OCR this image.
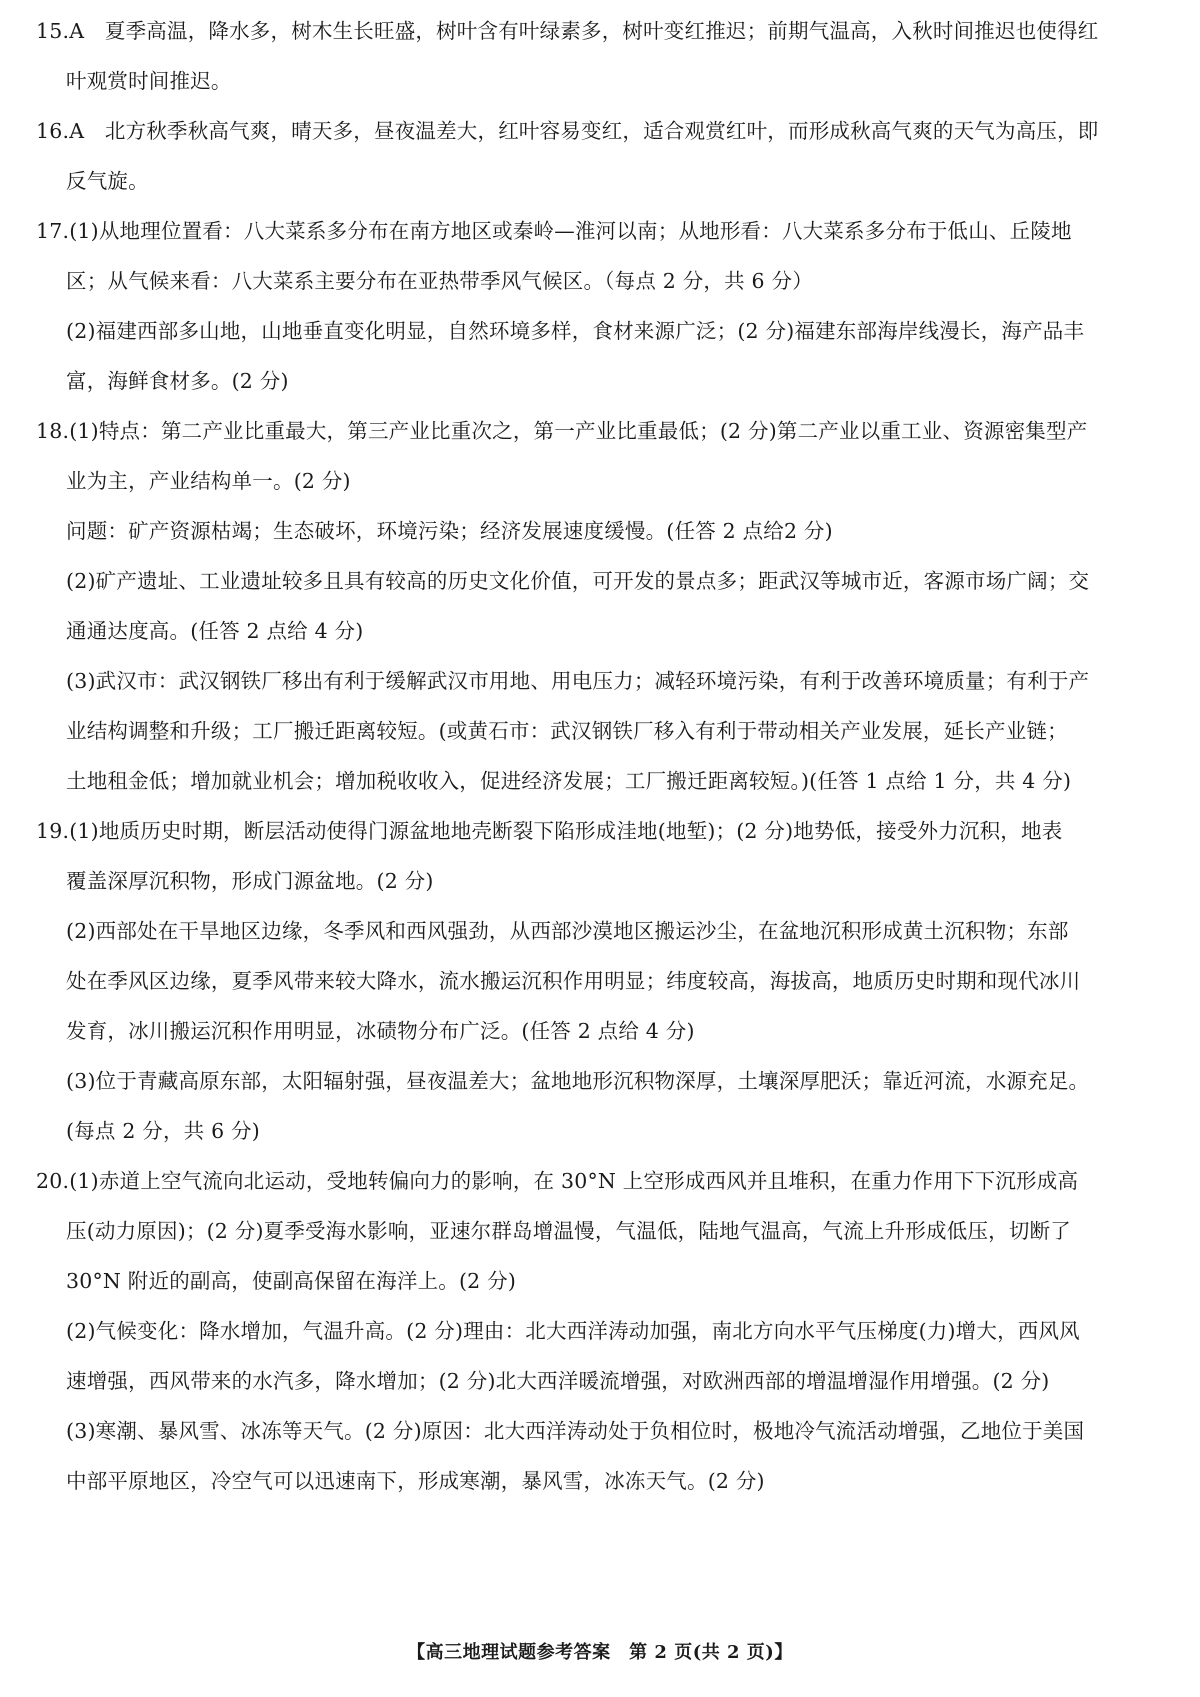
15.A　夏季高温，降水多，树木生长旺盛，树叶含有叶绿素多，树叶变红推迟；前期气温高，入秋时间推迟也使得红
叶观赏时间推迟。
16.A　北方秋季秋高气爽，晴天多，昼夜温差大，红叶容易变红，适合观赏红叶，而形成秋高气爽的天气为高压，即
反气旋。
17.(1)从地理位置看：八大菜系多分布在南方地区或秦岭—淮河以南；从地形看：八大菜系多分布于低山、丘陵地
区；从气候来看：八大菜系主要分布在亚热带季风气候区。（每点 2 分，共 6 分）
(2)福建西部多山地，山地垂直变化明显，自然环境多样，食材来源广泛；(2 分)福建东部海岸线漫长，海产品丰
富，海鲜食材多。(2 分)
18.(1)特点：第二产业比重最大，第三产业比重次之，第一产业比重最低；(2 分)第二产业以重工业、资源密集型产
业为主，产业结构单一。(2 分)
问题：矿产资源枯竭；生态破坏，环境污染；经济发展速度缓慢。(任答 2 点给2 分)
(2)矿产遗址、工业遗址较多且具有较高的历史文化价值，可开发的景点多；距武汉等城市近，客源市场广阔；交
通通达度高。(任答 2 点给 4 分)
(3)武汉市：武汉钢铁厂移出有利于缓解武汉市用地、用电压力；减轻环境污染，有利于改善环境质量；有利于产
业结构调整和升级；工厂搬迁距离较短。(或黄石市：武汉钢铁厂移入有利于带动相关产业发展，延长产业链；
土地租金低；增加就业机会；增加税收收入，促进经济发展；工厂搬迁距离较短。)(任答 1 点给 1 分，共 4 分)
19.(1)地质历史时期，断层活动使得门源盆地地壳断裂下陷形成洼地(地堑)；(2 分)地势低，接受外力沉积，地表
覆盖深厚沉积物，形成门源盆地。(2 分)
(2)西部处在干旱地区边缘，冬季风和西风强劲，从西部沙漠地区搬运沙尘，在盆地沉积形成黄土沉积物；东部
处在季风区边缘，夏季风带来较大降水，流水搬运沉积作用明显；纬度较高，海拔高，地质历史时期和现代冰川
发育，冰川搬运沉积作用明显，冰碛物分布广泛。(任答 2 点给 4 分)
(3)位于青藏高原东部，太阳辐射强，昼夜温差大；盆地地形沉积物深厚，土壤深厚肥沃；靠近河流，水源充足。
(每点 2 分，共 6 分)
20.(1)赤道上空气流向北运动，受地转偏向力的影响，在 30°N 上空形成西风并且堆积，在重力作用下下沉形成高
压(动力原因)；(2 分)夏季受海水影响，亚速尔群岛增温慢，气温低，陆地气温高，气流上升形成低压，切断了
30°N 附近的副高，使副高保留在海洋上。(2 分)
(2)气候变化：降水增加，气温升高。(2 分)理由：北大西洋涛动加强，南北方向水平气压梯度(力)增大，西风风
速增强，西风带来的水汽多，降水增加；(2 分)北大西洋暖流增强，对欧洲西部的增温增湿作用增强。(2 分)
(3)寒潮、暴风雪、冰冻等天气。(2 分)原因：北大西洋涛动处于负相位时，极地冷气流活动增强，乙地位于美国
中部平原地区，冷空气可以迅速南下，形成寒潮，暴风雪，冰冻天气。(2 分)
【高三地理试题参考答案　第 2 页(共 2 页)】
